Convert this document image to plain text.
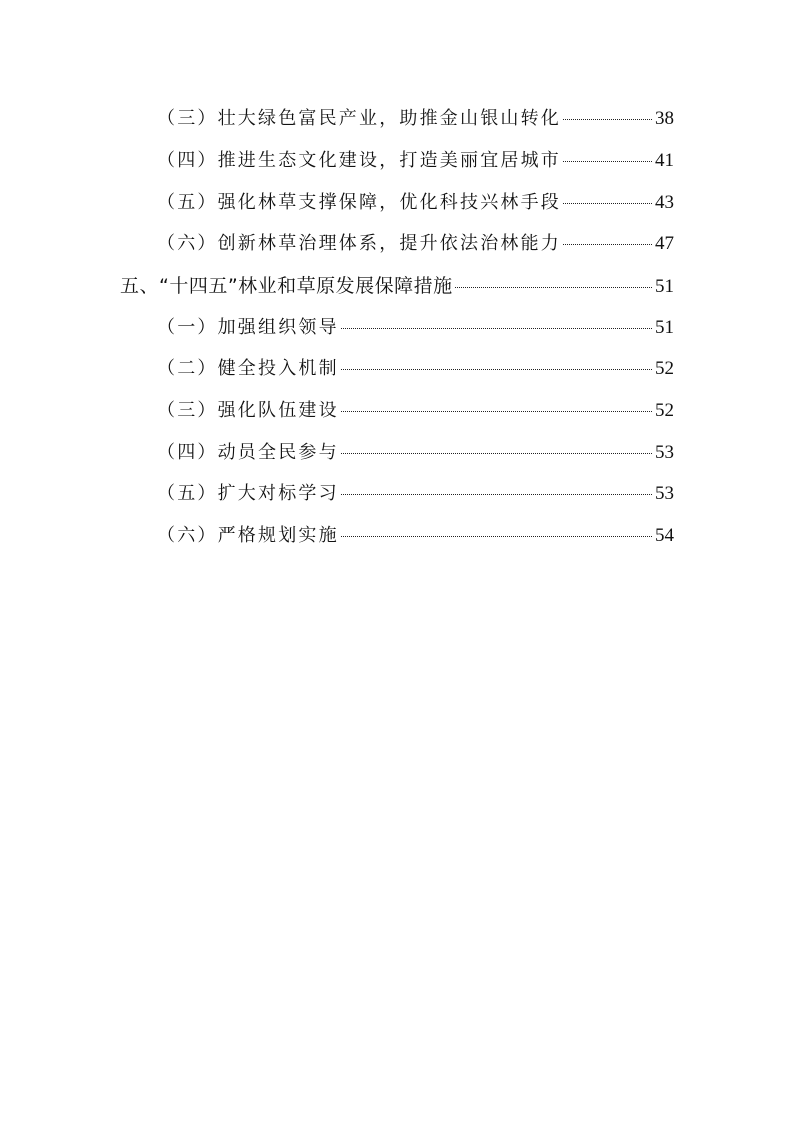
（三）壮大绿色富民产业，助推金山银山转化	38
（四）推进生态文化建设，打造美丽宜居城市	41
（五）强化林草支撑保障，优化科技兴林手段	43
（六）创新林草治理体系，提升依法治林能力	47
五、“十四五”林业和草原发展保障措施	51
（一）加强组织领导	51
（二）健全投入机制	52
（三）强化队伍建设	52
（四）动员全民参与	53
（五）扩大对标学习	53
（六）严格规划实施	54
